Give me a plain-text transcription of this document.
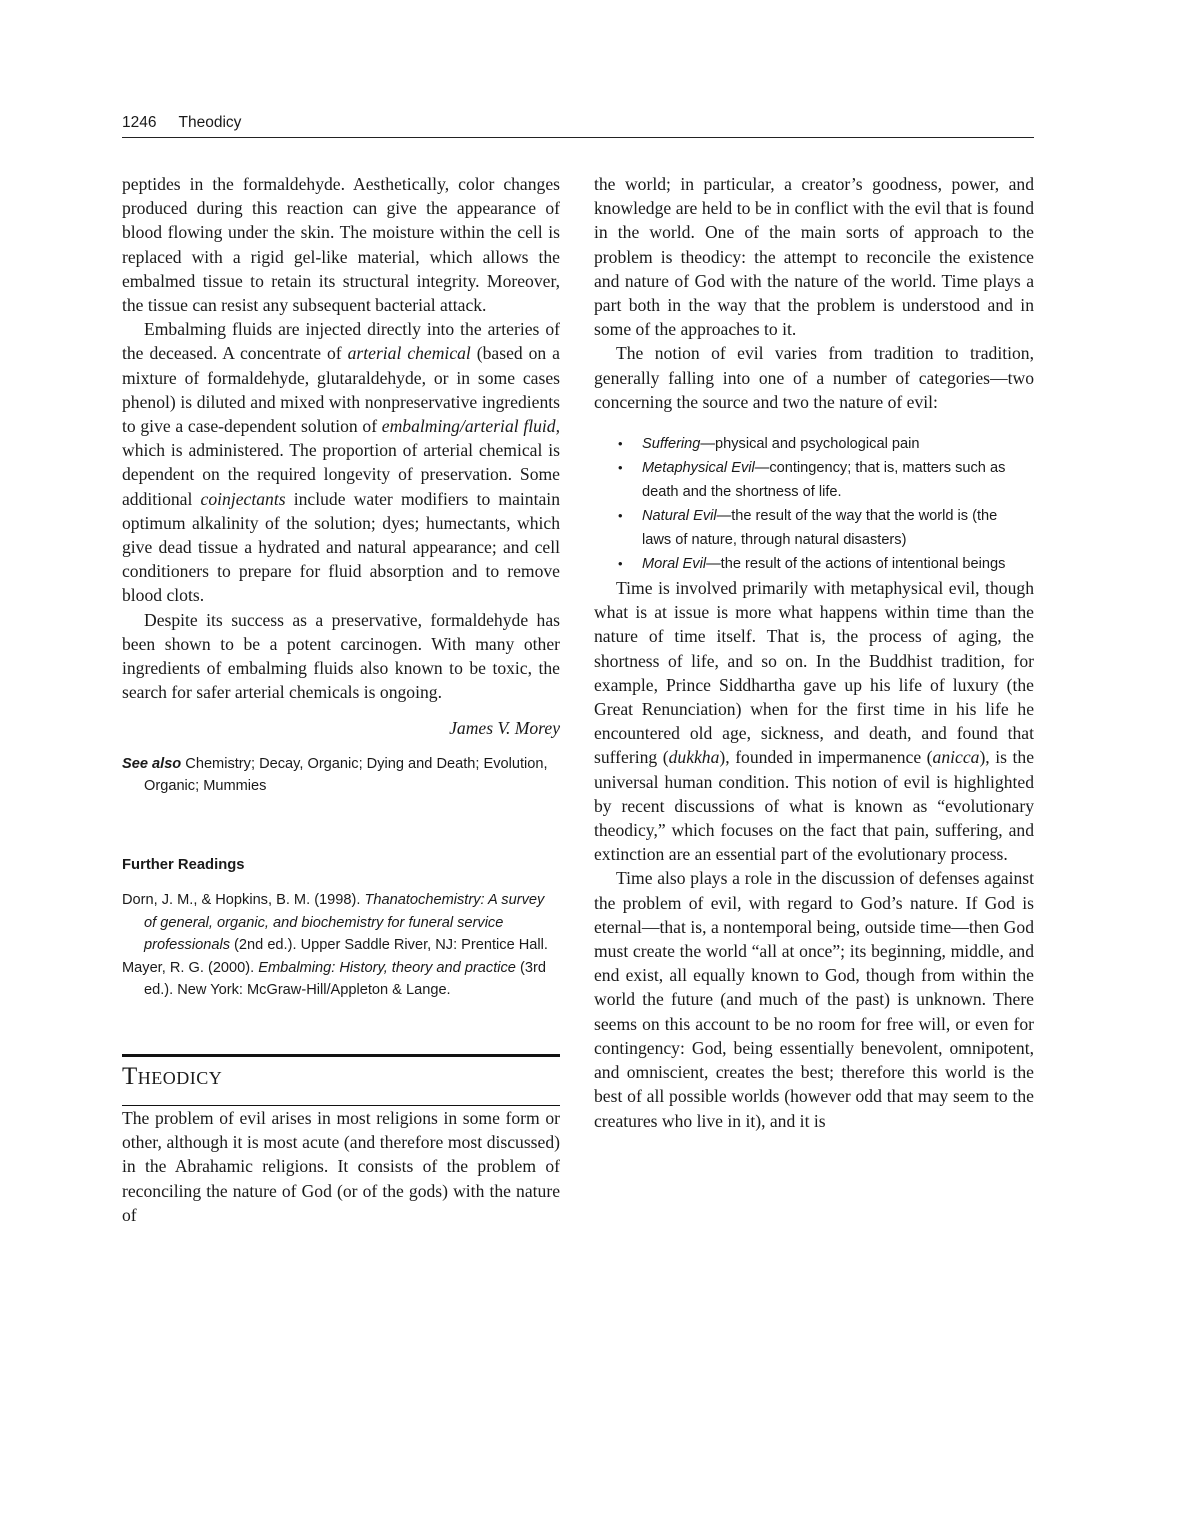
1246 Theodicy

peptides in the formaldehyde. Aesthetically, color changes produced during this reaction can give the appearance of blood flowing under the skin. The moisture within the cell is replaced with a rigid gel-like material, which allows the embalmed tissue to retain its structural integrity. Moreover, the tissue can resist any subsequent bacterial attack.

Embalming fluids are injected directly into the arteries of the deceased. A concentrate of arterial chemical (based on a mixture of formaldehyde, glutaraldehyde, or in some cases phenol) is diluted and mixed with nonpreservative ingredients to give a case-dependent solution of embalming/arterial fluid, which is administered. The proportion of arterial chemical is dependent on the required longevity of preservation. Some additional coinjectants include water modifiers to maintain optimum alkalinity of the solution; dyes; humectants, which give dead tissue a hydrated and natural appearance; and cell conditioners to prepare for fluid absorption and to remove blood clots.

Despite its success as a preservative, formaldehyde has been shown to be a potent carcinogen. With many other ingredients of embalming fluids also known to be toxic, the search for safer arterial chemicals is ongoing.

James V. Morey

See also Chemistry; Decay, Organic; Dying and Death; Evolution, Organic; Mummies

Further Readings

Dorn, J. M., & Hopkins, B. M. (1998). Thanatochemistry: A survey of general, organic, and biochemistry for funeral service professionals (2nd ed.). Upper Saddle River, NJ: Prentice Hall.

Mayer, R. G. (2000). Embalming: History, theory and practice (3rd ed.). New York: McGraw-Hill/Appleton & Lange.

Theodicy

The problem of evil arises in most religions in some form or other, although it is most acute (and therefore most discussed) in the Abrahamic religions. It consists of the problem of reconciling the nature of God (or of the gods) with the nature of

the world; in particular, a creator’s goodness, power, and knowledge are held to be in conflict with the evil that is found in the world. One of the main sorts of approach to the problem is theodicy: the attempt to reconcile the existence and nature of God with the nature of the world. Time plays a part both in the way that the problem is understood and in some of the approaches to it.

The notion of evil varies from tradition to tradition, generally falling into one of a number of categories—two concerning the source and two the nature of evil:

• Suffering—physical and psychological pain
• Metaphysical Evil—contingency; that is, matters such as death and the shortness of life.
• Natural Evil—the result of the way that the world is (the laws of nature, through natural disasters)
• Moral Evil—the result of the actions of intentional beings

Time is involved primarily with metaphysical evil, though what is at issue is more what happens within time than the nature of time itself. That is, the process of aging, the shortness of life, and so on. In the Buddhist tradition, for example, Prince Siddhartha gave up his life of luxury (the Great Renunciation) when for the first time in his life he encountered old age, sickness, and death, and found that suffering (dukkha), founded in impermanence (anicca), is the universal human condition. This notion of evil is highlighted by recent discussions of what is known as “evolutionary theodicy,” which focuses on the fact that pain, suffering, and extinction are an essential part of the evolutionary process.

Time also plays a role in the discussion of defenses against the problem of evil, with regard to God’s nature. If God is eternal—that is, a nontemporal being, outside time—then God must create the world “all at once”; its beginning, middle, and end exist, all equally known to God, though from within the world the future (and much of the past) is unknown. There seems on this account to be no room for free will, or even for contingency: God, being essentially benevolent, omnipotent, and omniscient, creates the best; therefore this world is the best of all possible worlds (however odd that may seem to the creatures who live in it), and it is
